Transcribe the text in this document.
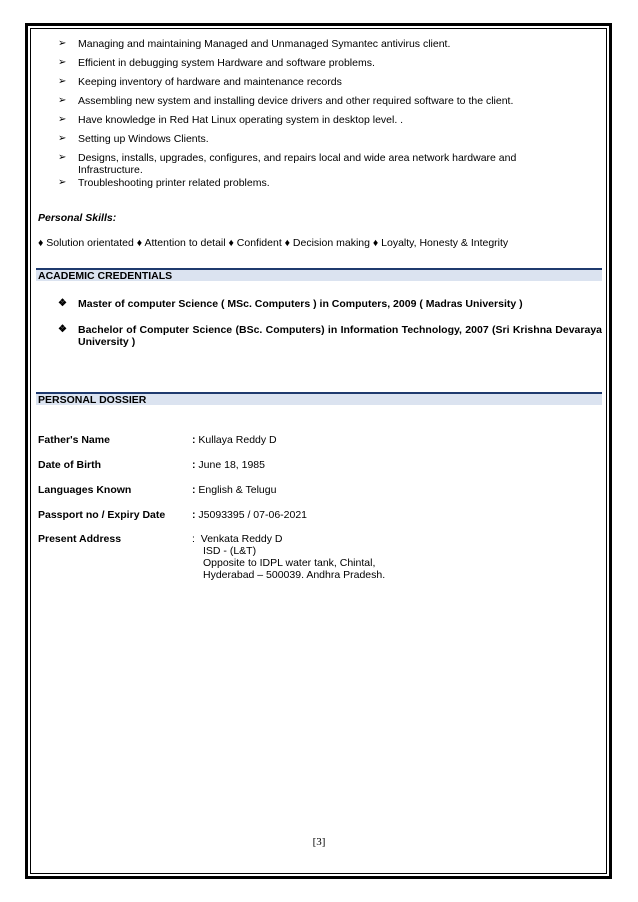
➢	Managing and maintaining Managed and Unmanaged Symantec antivirus client.
➢	Efficient in debugging system Hardware and software problems.
➢	Keeping inventory of hardware and maintenance records
➢	Assembling new system and installing device drivers and other required software to the client.
➢	Have knowledge in Red Hat Linux operating system in desktop level. .
➢	Setting up Windows Clients.
➢	Designs, installs, upgrades, configures, and repairs local and wide area network hardware and Infrastructure.
➢	Troubleshooting printer related problems.
Personal Skills:
♦ Solution orientated ♦ Attention to detail ♦ Confident ♦ Decision making ♦ Loyalty, Honesty & Integrity
ACADEMIC CREDENTIALS
❖	Master of computer Science ( MSc. Computers ) in Computers, 2009 ( Madras University )
❖	Bachelor of Computer Science (BSc. Computers) in Information Technology, 2007 (Sri Krishna Devaraya University )
PERSONAL DOSSIER
Father's Name	: Kullaya Reddy D
Date of Birth	: June 18, 1985
Languages Known	: English & Telugu
Passport no / Expiry Date	: J5093395 / 07-06-2021
Present Address	: Venkata Reddy D
ISD - (L&T)
Opposite to IDPL water tank, Chintal,
Hyderabad – 500039. Andhra Pradesh.
[3]
